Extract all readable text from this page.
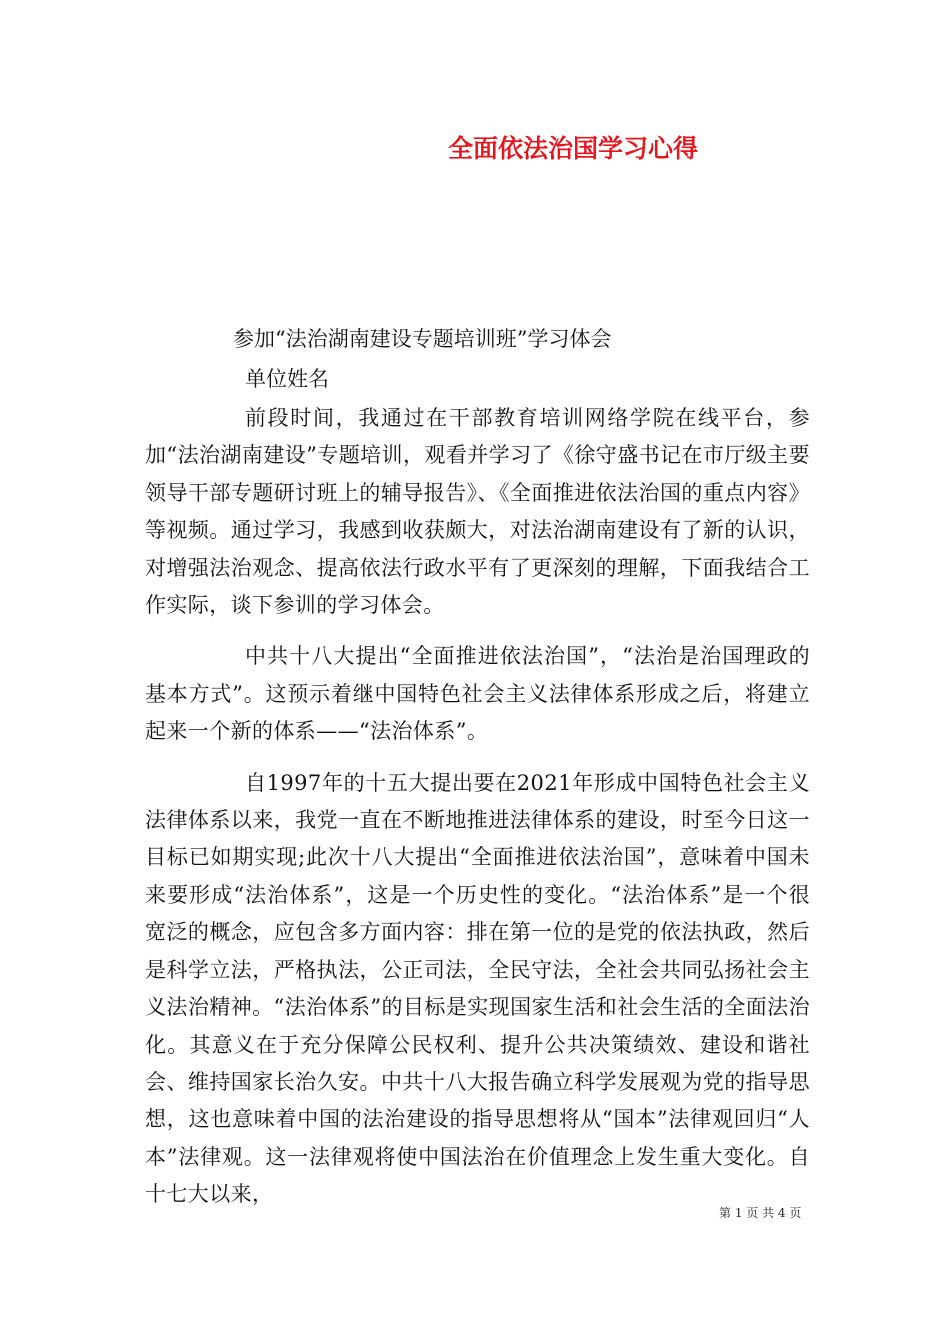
全面依法治国学习心得
参加“法治湖南建设专题培训班”学习体会
单位姓名

前段时间，我通过在干部教育培训网络学院在线平台，参加“法治湖南建设”专题培训，观看并学习了《徐守盛书记在市厅级主要领导干部专题研讨班上的辅导报告》、《全面推进依法治国的重点内容》等视频。通过学习，我感到收获颇大，对法治湖南建设有了新的认识，对增强法治观念、提高依法行政水平有了更深刻的理解，下面我结合工作实际，谈下参训的学习体会。

中共十八大提出“全面推进依法治国”，“法治是治国理政的基本方式”。这预示着继中国特色社会主义法律体系形成之后，将建立起来一个新的体系——“法治体系”。

自1997年的十五大提出要在2021年形成中国特色社会主义法律体系以来，我党一直在不断地推进法律体系的建设，时至今日这一目标已如期实现;此次十八大提出“全面推进依法治国”，意味着中国未来要形成“法治体系”，这是一个历史性的变化。“法治体系”是一个很宽泛的概念，应包含多方面内容：排在第一位的是党的依法执政，然后是科学立法，严格执法，公正司法，全民守法，全社会共同弘扬社会主义法治精神。“法治体系”的目标是实现国家生活和社会生活的全面法治化。其意义在于充分保障公民权利、提升公共决策绩效、建设和谐社会、维持国家长治久安。中共十八大报告确立科学发展观为党的指导思想，这也意味着中国的法治建设的指导思想将从“国本”法律观回归“人本”法律观。这一法律观将使中国法治在价值理念上发生重大变化。自十七大以来，

第 1 页 共 4 页
